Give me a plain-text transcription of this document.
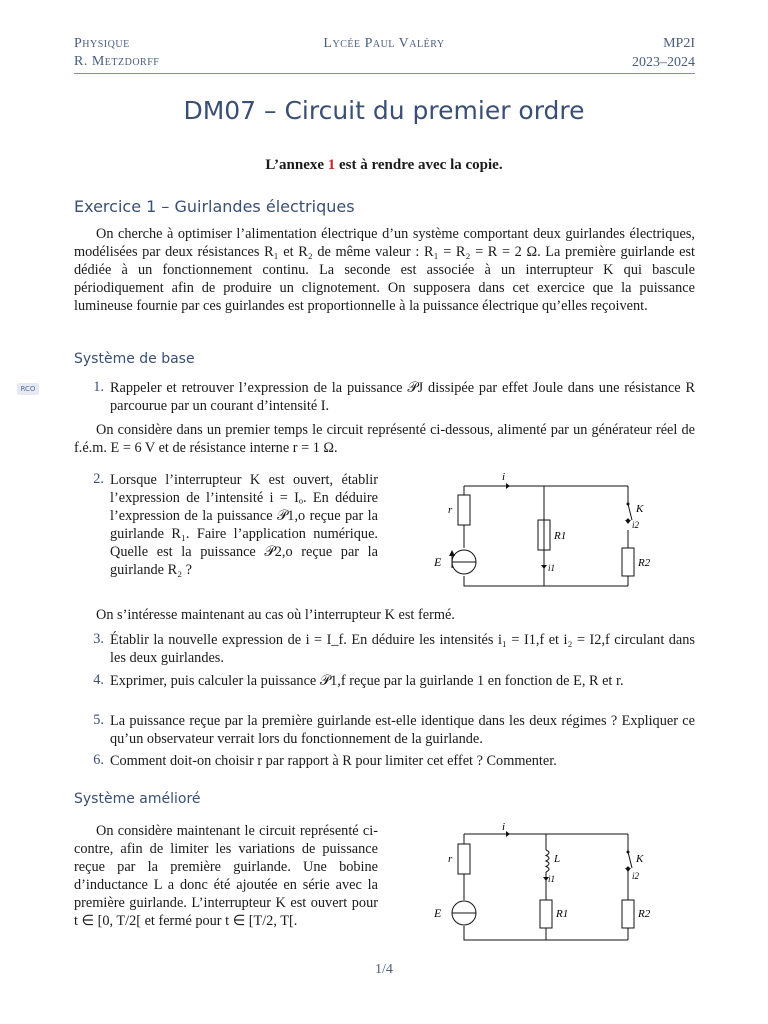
Physique
R. Metzdorff
Lycée Paul Valéry	MP2I
2023–2024
DM07 – Circuit du premier ordre
L’annexe 1 est à rendre avec la copie.
Exercice 1 – Guirlandes électriques
On cherche à optimiser l’alimentation électrique d’un système comportant deux guirlandes électriques, modélisées par deux résistances R₁ et R₂ de même valeur : R₁ = R₂ = R = 2 Ω. La première guirlande est dédiée à un fonctionnement continu. La seconde est associée à un interrupteur K qui bascule périodiquement afin de produire un clignotement. On supposera dans cet exercice que la puissance lumineuse fournie par ces guirlandes est proportionnelle à la puissance électrique qu’elles reçoivent.
Système de base
RCO	1. Rappeler et retrouver l’expression de la puissance 𝒫J dissipée par effet Joule dans une résistance R parcourue par un courant d’intensité I.
On considère dans un premier temps le circuit représenté ci-dessous, alimenté par un générateur réel de f.é.m. E = 6 V et de résistance interne r = 1 Ω.
2. Lorsque l’interrupteur K est ouvert, établir l’expression de l’intensité i = Iₒ. En déduire l’expression de la puissance 𝒫1,o reçue par la guirlande R₁. Faire l’application numérique. Quelle est la puissance 𝒫2,o reçue par la guirlande R₂ ?
i
r
E
R1
i1
K
i2
R2
On s’intéresse maintenant au cas où l’interrupteur K est fermé.
3. Établir la nouvelle expression de i = I_f. En déduire les intensités i₁ = I1,f et i₂ = I2,f circulant dans les deux guirlandes.
4. Exprimer, puis calculer la puissance 𝒫1,f reçue par la guirlande 1 en fonction de E, R et r.
5. La puissance reçue par la première guirlande est-elle identique dans les deux régimes ? Expliquer ce qu’un observateur verrait lors du fonctionnement de la guirlande.
6. Comment doit-on choisir r par rapport à R pour limiter cet effet ? Commenter.
Système amélioré
On considère maintenant le circuit représenté ci-contre, afin de limiter les variations de puissance reçue par la première guirlande. Une bobine d’inductance L a donc été ajoutée en série avec la première guirlande. L’interrupteur K est ouvert pour t ∈ [0, T/2[ et fermé pour t ∈ [T/2, T[.
i
r
E
L
i1
R1
K
i2
R2
1/4
